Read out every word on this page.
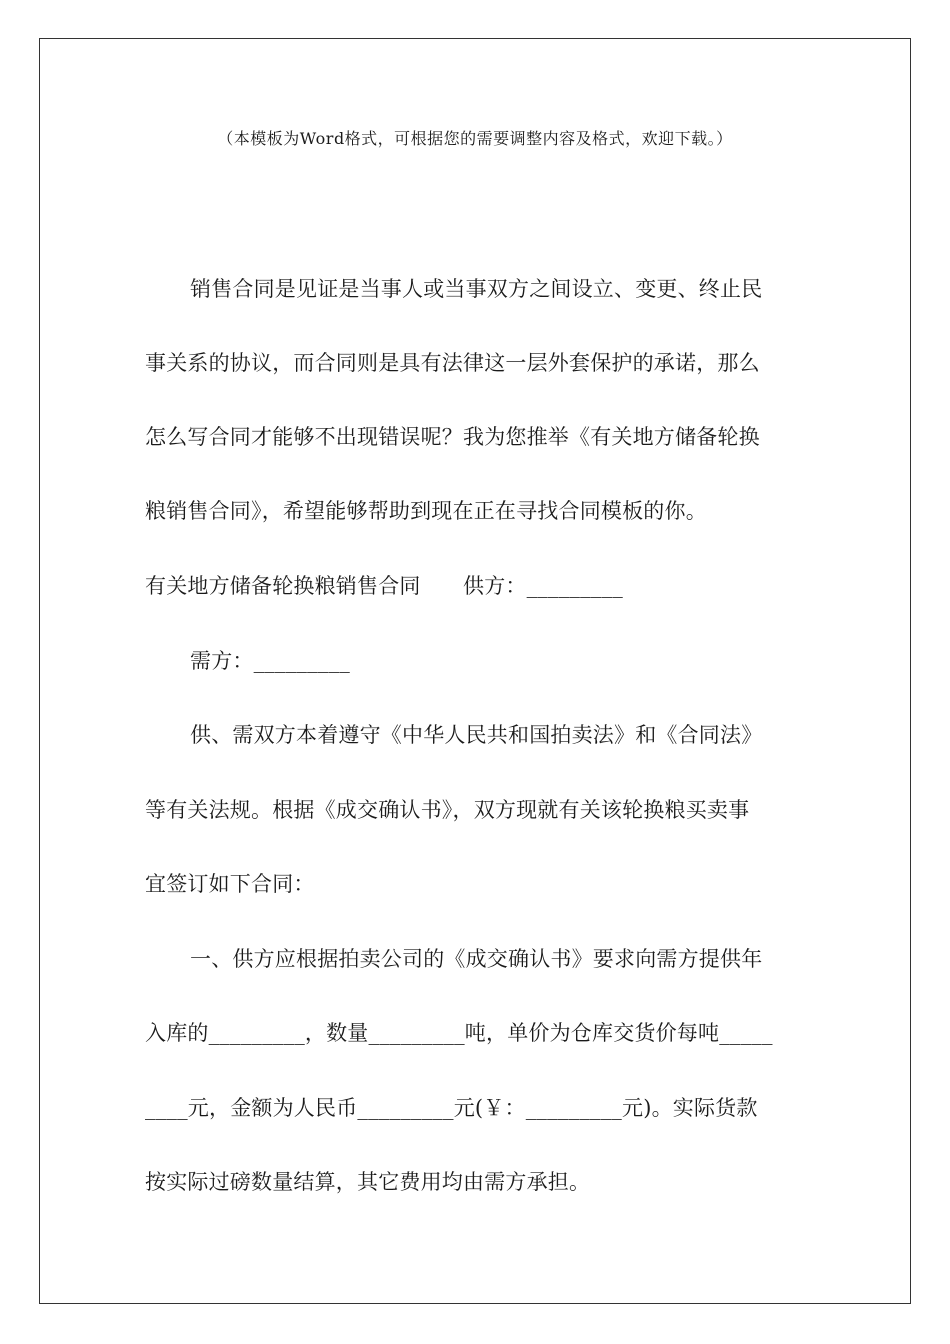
（本模板为Word格式，可根据您的需要调整内容及格式，欢迎下载。）
销售合同是见证是当事人或当事双方之间设立、变更、终止民
事关系的协议，而合同则是具有法律这一层外套保护的承诺，那么
怎么写合同才能够不出现错误呢？我为您推举《有关地方储备轮换
粮销售合同》，希望能够帮助到现在正在寻找合同模板的你。
有关地方储备轮换粮销售合同　　供方：_________
需方：_________
供、需双方本着遵守《中华人民共和国拍卖法》和《合同法》
等有关法规。根据《成交确认书》，双方现就有关该轮换粮买卖事
宜签订如下合同：
一、供方应根据拍卖公司的《成交确认书》要求向需方提供年
入库的_________，数量_________吨，单价为仓库交货价每吨_____
____元，金额为人民币_________元(￥：_________元)。实际货款
按实际过磅数量结算，其它费用均由需方承担。
